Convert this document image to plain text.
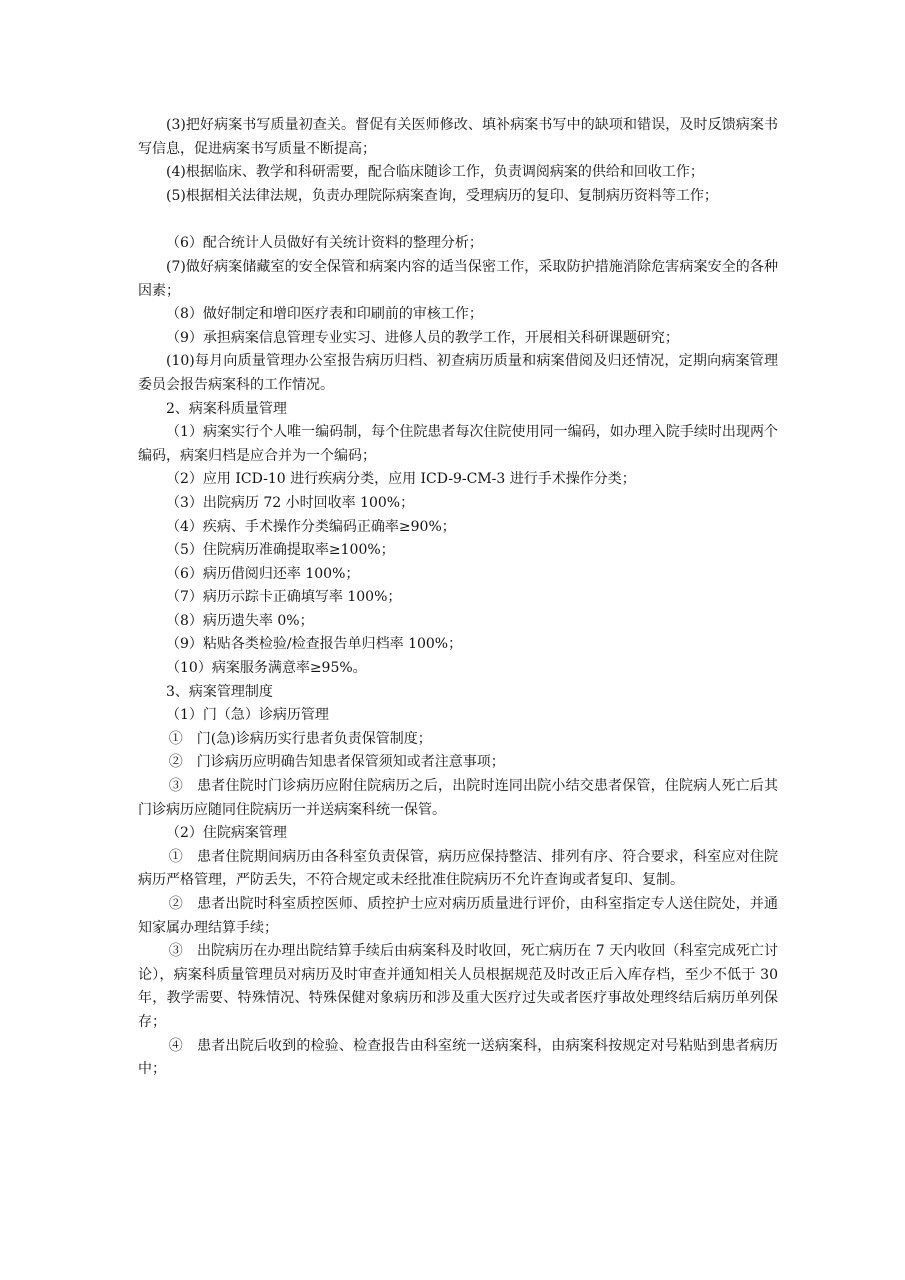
(3)把好病案书写质量初查关。督促有关医师修改、填补病案书写中的缺项和错误，及时反馈病案书写信息，促进病案书写质量不断提高；

(4)根据临床、教学和科研需要，配合临床随诊工作，负责调阅病案的供给和回收工作；

(5)根据相关法律法规，负责办理院际病案查询，受理病历的复印、复制病历资料等工作；

（6）配合统计人员做好有关统计资料的整理分析；

(7)做好病案储藏室的安全保管和病案内容的适当保密工作，采取防护措施消除危害病案安全的各种因素；

（8）做好制定和增印医疗表和印刷前的审核工作；

（9）承担病案信息管理专业实习、进修人员的教学工作，开展相关科研课题研究；

(10)每月向质量管理办公室报告病历归档、初查病历质量和病案借阅及归还情况，定期向病案管理委员会报告病案科的工作情况。

2、病案科质量管理

（1）病案实行个人唯一编码制，每个住院患者每次住院使用同一编码，如办理入院手续时出现两个编码，病案归档是应合并为一个编码；

（2）应用 ICD-10 进行疾病分类，应用 ICD-9-CM-3 进行手术操作分类；

（3）出院病历 72 小时回收率 100%；

（4）疾病、手术操作分类编码正确率≥90%；

（5）住院病历准确提取率≥100%；

（6）病历借阅归还率 100%；

（7）病历示踪卡正确填写率 100%；

（8）病历遗失率 0%；

（9）粘贴各类检验/检查报告单归档率 100%；

（10）病案服务满意率≥95%。

3、病案管理制度

（1）门（急）诊病历管理

①　门(急)诊病历实行患者负责保管制度；

②　门诊病历应明确告知患者保管须知或者注意事项；

③　患者住院时门诊病历应附住院病历之后，出院时连同出院小结交患者保管，住院病人死亡后其门诊病历应随同住院病历一并送病案科统一保管。

（2）住院病案管理

①　患者住院期间病历由各科室负责保管，病历应保持整洁、排列有序、符合要求，科室应对住院病历严格管理，严防丢失，不符合规定或未经批准住院病历不允许查询或者复印、复制。

②　患者出院时科室质控医师、质控护士应对病历质量进行评价，由科室指定专人送住院处，并通知家属办理结算手续；

③　出院病历在办理出院结算手续后由病案科及时收回，死亡病历在 7 天内收回（科室完成死亡讨论），病案科质量管理员对病历及时审查并通知相关人员根据规范及时改正后入库存档，至少不低于 30 年，教学需要、特殊情况、特殊保健对象病历和涉及重大医疗过失或者医疗事故处理终结后病历单列保存；

④　患者出院后收到的检验、检查报告由科室统一送病案科，由病案科按规定对号粘贴到患者病历中；
